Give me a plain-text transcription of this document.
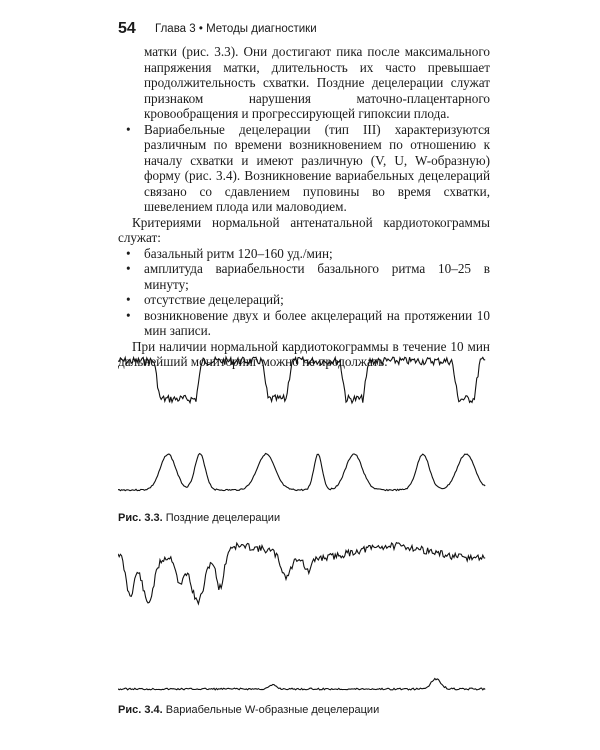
54 Глава 3 • Методы диагностики

матки (рис. 3.3). Они достигают пика после максимального напряжения матки, длительность их часто превышает продолжительность схватки. Поздние децелерации служат признаком нарушения маточно-плацентарного кровообращения и прогрессирующей гипоксии плода.

• Вариабельные децелерации (тип III) характеризуются различным по времени возникновением по отношению к началу схватки и имеют различную (V, U, W-образную) форму (рис. 3.4). Возникновение вариабельных децелераций связано со сдавлением пуповины во время схватки, шевелением плода или маловодием.

Критериями нормальной антенатальной кардиотокограммы служат:

• базальный ритм 120–160 уд./мин;
• амплитуда вариабельности базального ритма 10–25 в минуту;
• отсутствие децелераций;
• возникновение двух и более акцелераций на протяжении 10 мин записи.

При наличии нормальной кардиотокограммы в течение 10 мин дальнейший мониторинг можно не продолжать.

Рис. 3.3. Поздние децелерации
Рис. 3.4. Вариабельные W-образные децелерации
